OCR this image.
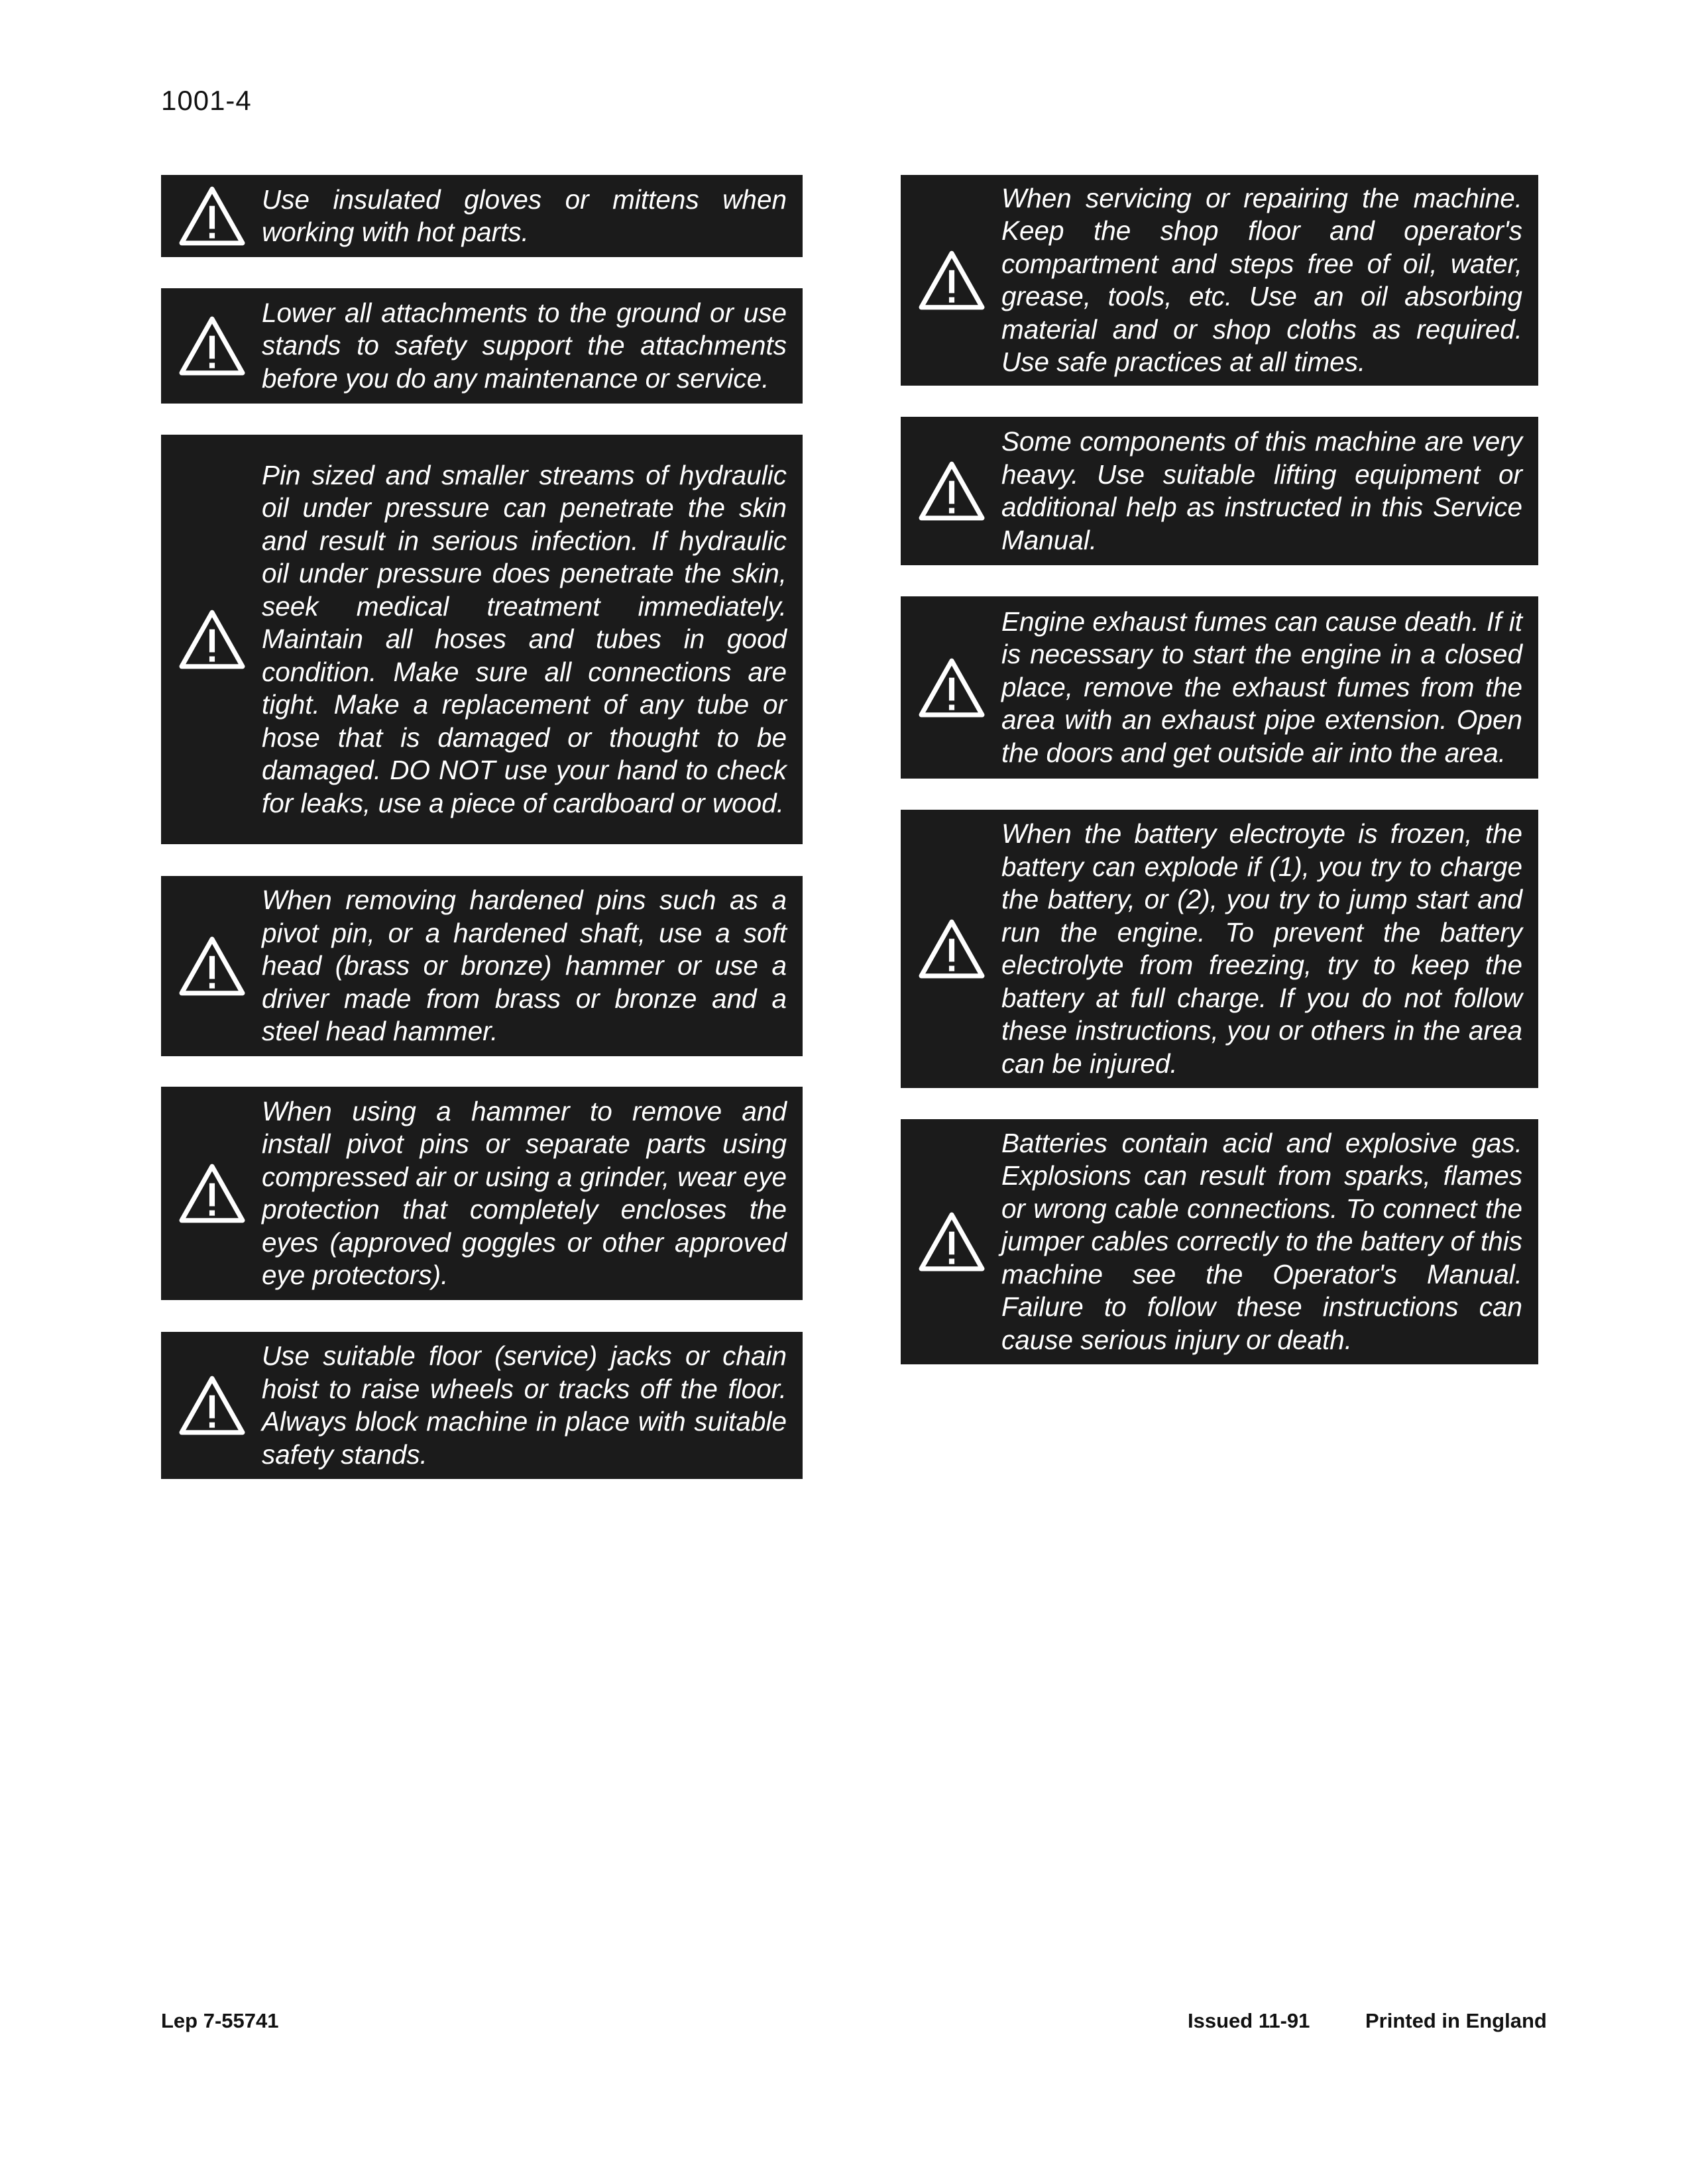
1001-4
Use insulated gloves or mittens when working with hot parts.
Lower all attachments to the ground or use stands to safety support the attachments before you do any maintenance or service.
Pin sized and smaller streams of hydraulic oil under pressure can penetrate the skin and result in serious infection. If hydraulic oil under pressure does penetrate the skin, seek medical treatment immediately. Maintain all hoses and tubes in good condition. Make sure all connections are tight. Make a replacement of any tube or hose that is damaged or thought to be damaged. DO NOT use your hand to check for leaks, use a piece of cardboard or wood.
When removing hardened pins such as a pivot pin, or a hardened shaft, use a soft head (brass or bronze) hammer or use a driver made from brass or bronze and a steel head hammer.
When using a hammer to remove and install pivot pins or separate parts using compressed air or using a grinder, wear eye protection that completely encloses the eyes (approved goggles or other approved eye protectors).
Use suitable floor (service) jacks or chain hoist to raise wheels or tracks off the floor. Always block machine in place with suitable safety stands.
When servicing or repairing the machine. Keep the shop floor and operator's compartment and steps free of oil, water, grease, tools, etc. Use an oil absorbing material and or shop cloths as required. Use safe practices at all times.
Some components of this machine are very heavy. Use suitable lifting equipment or additional help as instructed in this Service Manual.
Engine exhaust fumes can cause death. If it is necessary to start the engine in a closed place, remove the exhaust fumes from the area with an exhaust pipe extension. Open the doors and get outside air into the area.
When the battery electroyte is frozen, the battery can explode if (1), you try to charge the battery, or (2), you try to jump start and run the engine. To prevent the battery electrolyte from freezing, try to keep the battery at full charge. If you do not follow these instructions, you or others in the area can be injured.
Batteries contain acid and explosive gas. Explosions can result from sparks, flames or wrong cable connections. To connect the jumper cables correctly to the battery of this machine see the Operator's Manual. Failure to follow these instructions can cause serious injury or death.
Lep 7-55741	Issued 11-91	Printed in England
